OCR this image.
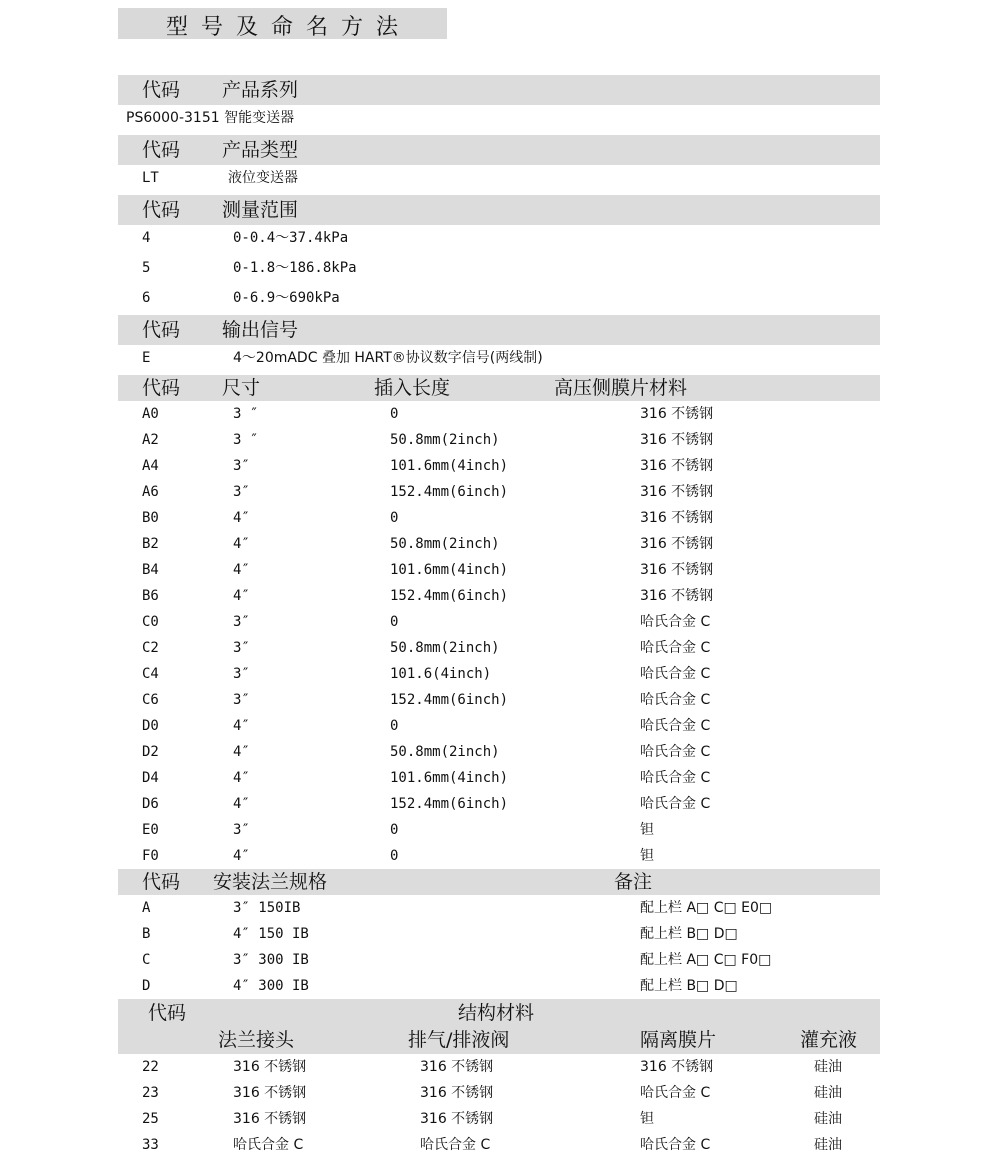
型号及命名方法
代码 产品系列
PS6000-3151 智能变送器
代码 产品类型
LT	液位变送器
代码 测量范围
4	0-0.4～37.4kPa
5	0-1.8～186.8kPa
6	0-6.9～690kPa
代码 输出信号
E	4～20mADC 叠加 HART®协议数字信号(两线制)
代码 尺寸	插入长度	高压侧膜片材料
A0	3 ″	0	316 不锈钢
A2	3 ″	50.8mm(2inch)	316 不锈钢
A4	3″	101.6mm(4inch)	316 不锈钢
A6	3″	152.4mm(6inch)	316 不锈钢
B0	4″	0	316 不锈钢
B2	4″	50.8mm(2inch)	316 不锈钢
B4	4″	101.6mm(4inch)	316 不锈钢
B6	4″	152.4mm(6inch)	316 不锈钢
C0	3″	0	哈氏合金 C
C2	3″	50.8mm(2inch)	哈氏合金 C
C4	3″	101.6(4inch)	哈氏合金 C
C6	3″	152.4mm(6inch)	哈氏合金 C
D0	4″	0	哈氏合金 C
D2	4″	50.8mm(2inch)	哈氏合金 C
D4	4″	101.6mm(4inch)	哈氏合金 C
D6	4″	152.4mm(6inch)	哈氏合金 C
E0	3″	0	钽
F0	4″	0	钽
代码 安装法兰规格	备注
A	3″ 150IB	配上栏 A□ C□ E0□
B	4″ 150 IB	配上栏 B□ D□
C	3″ 300 IB	配上栏 A□ C□ F0□
D	4″ 300 IB	配上栏 B□ D□
代码	结构材料
法兰接头	排气/排液阀	隔离膜片	灌充液
22	316 不锈钢	316 不锈钢	316 不锈钢	硅油
23	316 不锈钢	316 不锈钢	哈氏合金 C	硅油
25	316 不锈钢	316 不锈钢	钽	硅油
33	哈氏合金 C	哈氏合金 C	哈氏合金 C	硅油
